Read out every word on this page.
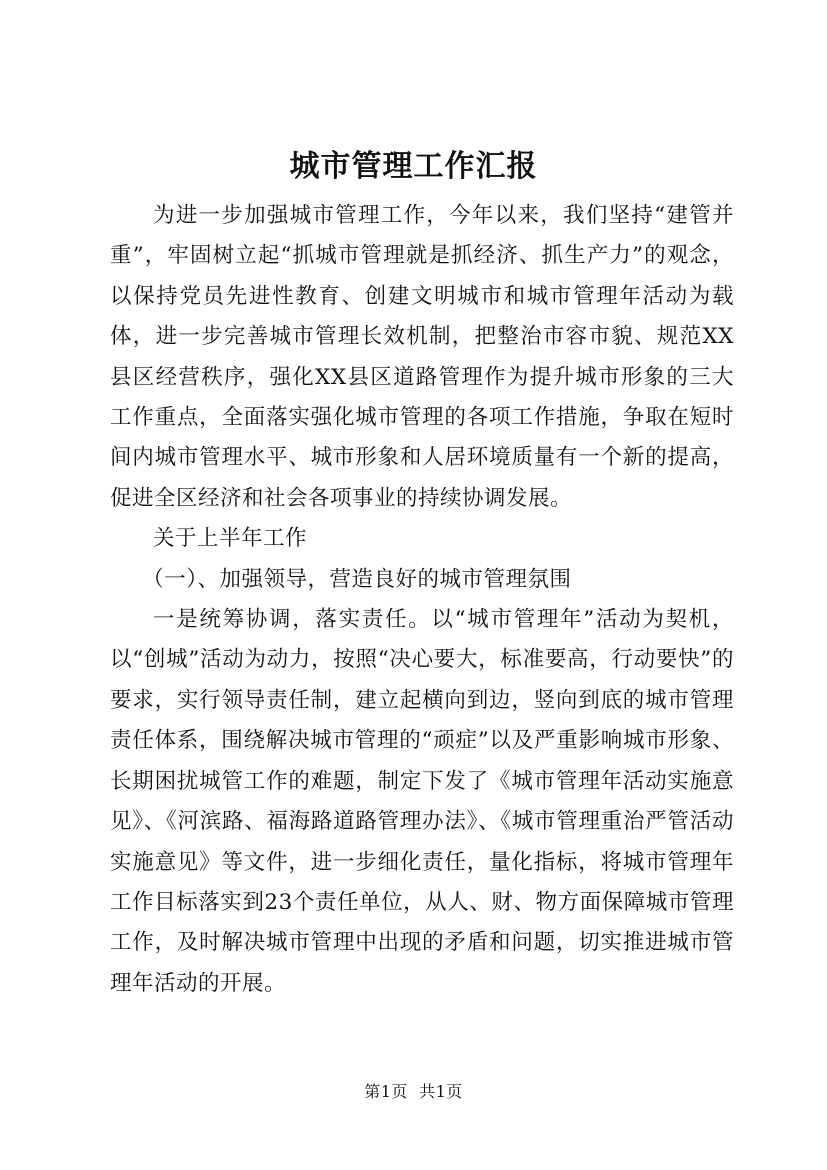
城市管理工作汇报

为进一步加强城市管理工作，今年以来，我们坚持“建管并重”，牢固树立起“抓城市管理就是抓经济、抓生产力”的观念，以保持党员先进性教育、创建文明城市和城市管理年活动为载体，进一步完善城市管理长效机制，把整治市容市貌、规范XX县区经营秩序，强化XX县区道路管理作为提升城市形象的三大工作重点，全面落实强化城市管理的各项工作措施，争取在短时间内城市管理水平、城市形象和人居环境质量有一个新的提高，促进全区经济和社会各项事业的持续协调发展。

关于上半年工作

（一）、加强领导，营造良好的城市管理氛围

一是统筹协调，落实责任。以“城市管理年”活动为契机，以“创城”活动为动力，按照“决心要大，标准要高，行动要快”的要求，实行领导责任制，建立起横向到边，竖向到底的城市管理责任体系，围绕解决城市管理的“顽症”以及严重影响城市形象、长期困扰城管工作的难题，制定下发了《城市管理年活动实施意见》、《河滨路、福海路道路管理办法》、《城市管理重治严管活动实施意见》等文件，进一步细化责任，量化指标，将城市管理年工作目标落实到23个责任单位，从人、财、物方面保障城市管理工作，及时解决城市管理中出现的矛盾和问题，切实推进城市管理年活动的开展。

第1页  共1页
